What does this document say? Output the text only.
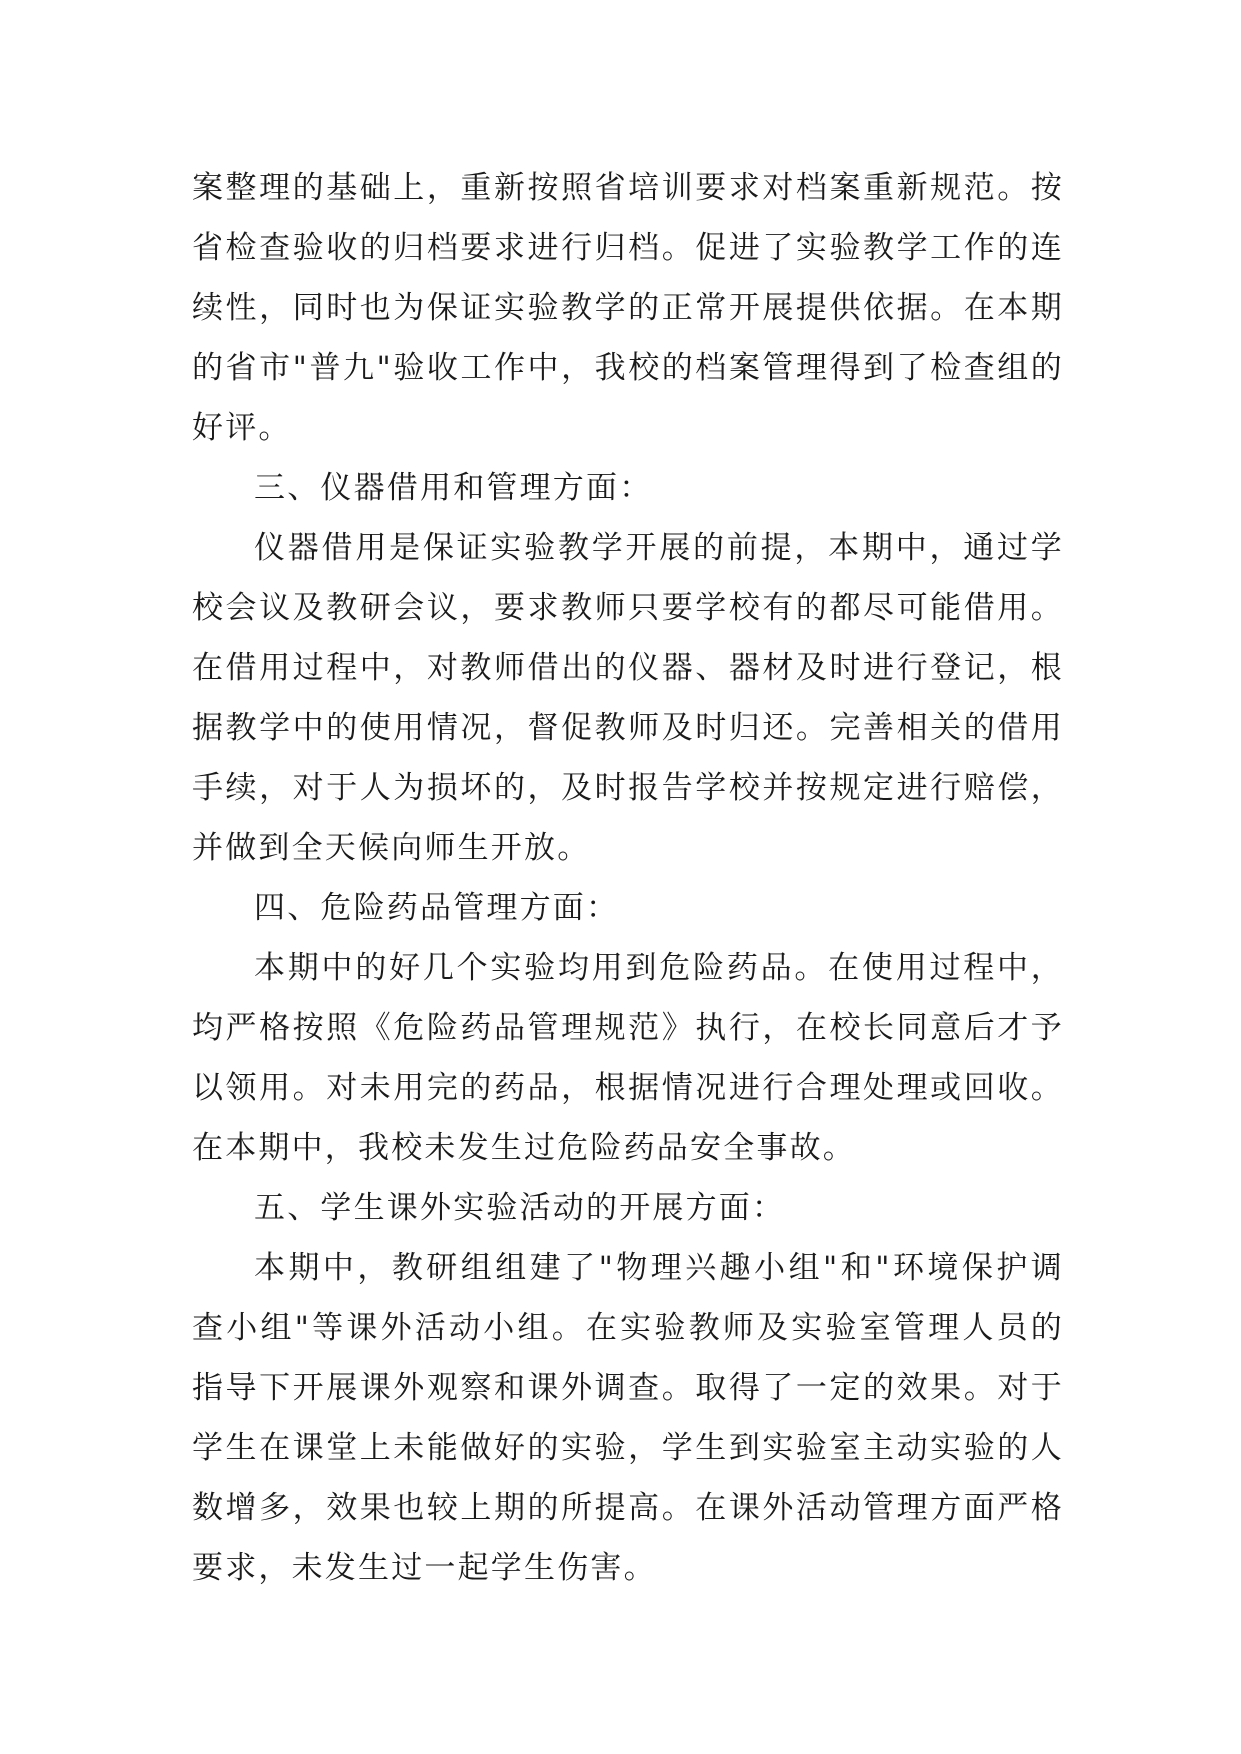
案整理的基础上，重新按照省培训要求对档案重新规范。按省检查验收的归档要求进行归档。促进了实验教学工作的连续性，同时也为保证实验教学的正常开展提供依据。在本期的省市"普九"验收工作中，我校的档案管理得到了检查组的好评。

三、仪器借用和管理方面：

仪器借用是保证实验教学开展的前提，本期中，通过学校会议及教研会议，要求教师只要学校有的都尽可能借用。在借用过程中，对教师借出的仪器、器材及时进行登记，根据教学中的使用情况，督促教师及时归还。完善相关的借用手续，对于人为损坏的，及时报告学校并按规定进行赔偿，并做到全天候向师生开放。

四、危险药品管理方面：

本期中的好几个实验均用到危险药品。在使用过程中，均严格按照《危险药品管理规范》执行，在校长同意后才予以领用。对未用完的药品，根据情况进行合理处理或回收。在本期中，我校未发生过危险药品安全事故。

五、学生课外实验活动的开展方面：

本期中，教研组组建了"物理兴趣小组"和"环境保护调查小组"等课外活动小组。在实验教师及实验室管理人员的指导下开展课外观察和课外调查。取得了一定的效果。对于学生在课堂上未能做好的实验，学生到实验室主动实验的人数增多，效果也较上期的所提高。在课外活动管理方面严格要求，未发生过一起学生伤害。
